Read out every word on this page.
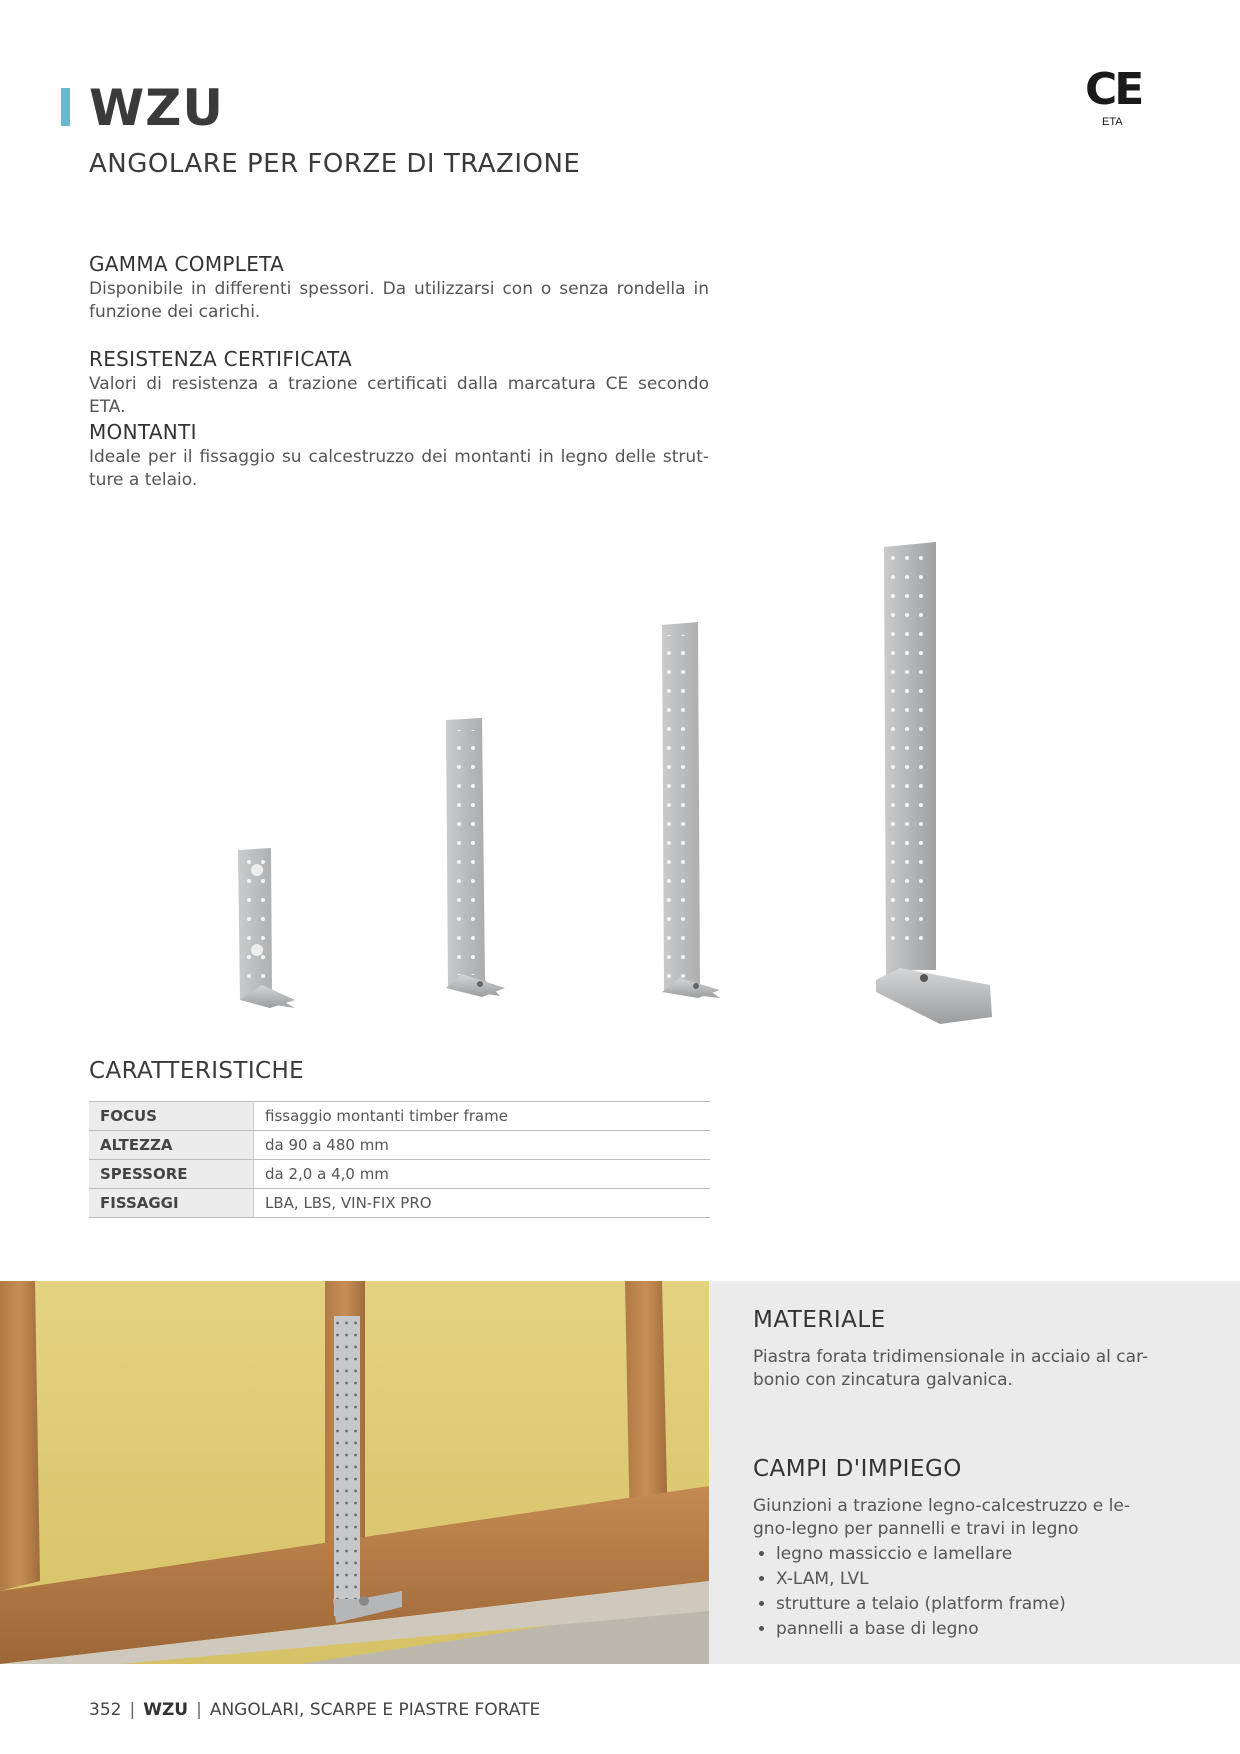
WZU
ANGOLARE PER FORZE DI TRAZIONE
CE
ETA
GAMMA COMPLETA

Disponibile in differenti spessori. Da utilizzarsi con o senza rondella in funzione dei carichi.

RESISTENZA CERTIFICATA

Valori di resistenza a trazione certificati dalla marcatura CE secondo ETA.

MONTANTI

Ideale per il fissaggio su calcestruzzo dei montanti in legno delle strut-ture a telaio.

CARATTERISTICHE
FOCUS	fissaggio montanti timber frame
ALTEZZA	da 90 a 480 mm
SPESSORE	da 2,0 a 4,0 mm
FISSAGGI	LBA, LBS, VIN-FIX PRO
MATERIALE

Piastra forata tridimensionale in acciaio al car-bonio con zincatura galvanica.

CAMPI D'IMPIEGO

Giunzioni a trazione legno-calcestruzzo e le-gno-legno per pannelli e travi in legno

• legno massiccio e lamellare
• X-LAM, LVL
• strutture a telaio (platform frame)
• pannelli a base di legno
352 | WZU | ANGOLARI, SCARPE E PIASTRE FORATE
